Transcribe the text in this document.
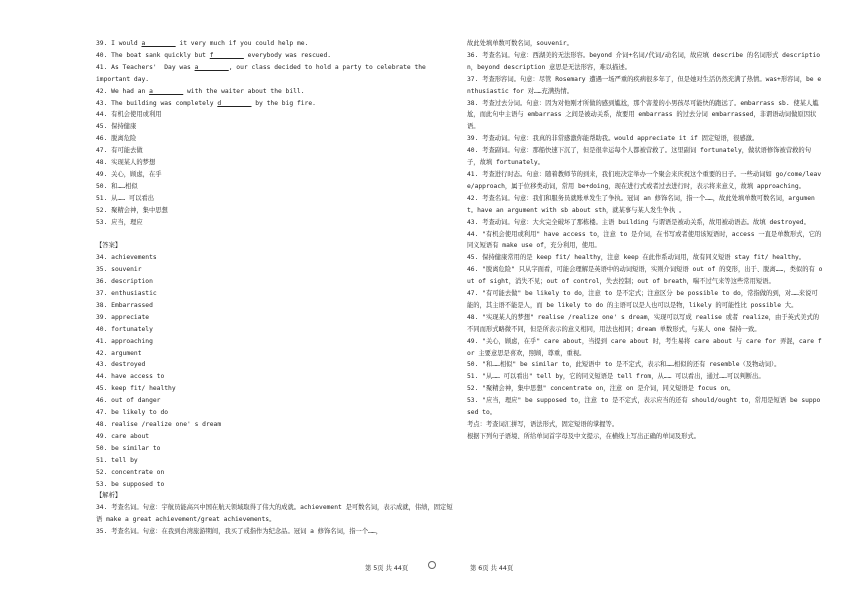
39. I would a________ it very much if you could help me.
40. The boat sank quickly but f________ everybody was rescued.
41. As Teachers'  Day was a________, our class decided to hold a party to celebrate the
important day.
42. We had an a________ with the waiter about the bill.
43. The building was completely d________ by the big fire.
44. 有机会使用或利用
45. 保持健康
46. 脱离危险
47. 有可能去做
48. 实现某人的梦想
49. 关心，顾虑，在乎
50. 和……相似
51. 从…… 可以看出
52. 聚精会神，集中思想
53. 应当，理应
【答案】
34. achievements
35. souvenir
36. description
37. enthusiastic
38. Embarrassed
39. appreciate
40. fortunately
41. approaching
42. argument
43. destroyed
44. have access to
45. keep fit/ healthy
46. out of danger
47. be likely to do
48. realise /realize one' s dream
49. care about
50. be similar to
51. tell by
52. concentrate on
53. be supposed to
【解析】
34. 考查名词。句意：宇航员能高兴中国在航天领域取得了伟大的成就。achievement 是可数名词，表示成就，伟绩，固定短语 make a great achievement/great achievements。
35. 考查名词。句意：在我到台湾旅游期间，我买了戒指作为纪念品。冠词 a 修饰名词，指一个……，
故此处填单数可数名词，souvenir。
36. 考查名词。句意：西湖美的无法形容。beyond 介词+名词/代词/动名词，故应填 describe 的名词形式 description，beyond description 意思是无法形容，难以描述。
37. 考查形容词。句意：尽管 Rosemary 遭遇一场严重的疾病很多年了，但是她对生活仍然充满了热情。was+形容词，be enthusiastic for 对……充满热情。
38. 考查过去分词。句意：因为对他刚才所做的感到尴尬，那个害羞的小男孩尽可能快的跑远了。embarrass sb. 使某人尴尬，而此句中主语与 embarrass 之间是被动关系，故要用 embarrass 的过去分词 embarrassed，非谓语动词做原因状语。
39. 考查动词。句意：我真的非常感激你能帮助我。would appreciate it if 固定短语，很感激。
40. 考查副词。句意：那船快速下沉了，但是很幸运每个人都被营救了。这里副词 fortunately，做状语修饰被营救的句子，故填 fortunately。
41. 考查进行时态。句意：随着教师节的到来，我们班决定举办一个聚会来庆祝这个重要的日子。一些动词如 go/come/leave/approach，属于位移类动词，常用 be+doing，现在进行式或者过去进行时，表示将来意义，故填 approaching。
42. 考查名词。句意：我们和服务员就账单发生了争执。冠词 an 修饰名词，指一个……，故此处填单数可数名词，argument。have an argument with sb about sth，就某事与某人发生争执 。
43. 考查动词。句意：大火完全破坏了那栋楼。主语 building 与谓语是被动关系，故用被动语态。故填 destroyed。
44. "有机会使用或利用" have access to，注意 to 是介词，在书写或者使用该短语时，access 一直是单数形式，它的同义短语有 make use of，充分利用，使用。
45. 保持健康常用的是 keep fit/ healthy，注意 keep 在此作系动词用，故有同义短语 stay fit/ healthy。
46. "脱离危险" 只从字面看，可能会理解是英语中的动词短语，实则介词短语 out of 的变形，出于、脱离……，类似的有 out of sight，消失不见；out of control，失去控制；out of breath，喘不过气来等这些常用短语。
47. "有可能去做" be likely to do，注意 to 是不定式；注意区分 be possible to do，常指做的到，对……来说可能的，其主语不能是人，而 be likely to do 的主语可以是人也可以是物，likely 的可能性比 possible 大。
48. "实现某人的梦想" realise /realize one' s dream，实现可以写成 realise 或者 realize，由于英式美式的不同而形式略微不同，但是所表示的意义相同，用法也相同；dream 单数形式，与某人 one 保持一致。
49. "关心，顾虑，在乎" care about，当提到 care about 时，考生易将 care about 与 care for 弄混，care for 主要意思是喜欢，照顾，尊重，重视。
50. "和……相似" be similar to，此短语中 to 是不定式，表示和……相似的还有 resemble（及物动词）。
51. "从…… 可以看出" tell by，它的同义短语是 tell from，从…… 可以看出，通过……可以判断出。
52. "聚精会神，集中思想" concentrate on，注意 on 是介词，同义短语是 focus on。
53. "应当，理应" be supposed to，注意 to 是不定式，表示应当的还有 should/ought to，常用是短语 be supposed to。
考点：考查词汇拼写，语法形式，固定短语的掌握等。
根据下列句子语境、所给单词首字母及中文提示，在横线上写出正确的单词及形式。
第 5页 共 44页	第 6页 共 44页
